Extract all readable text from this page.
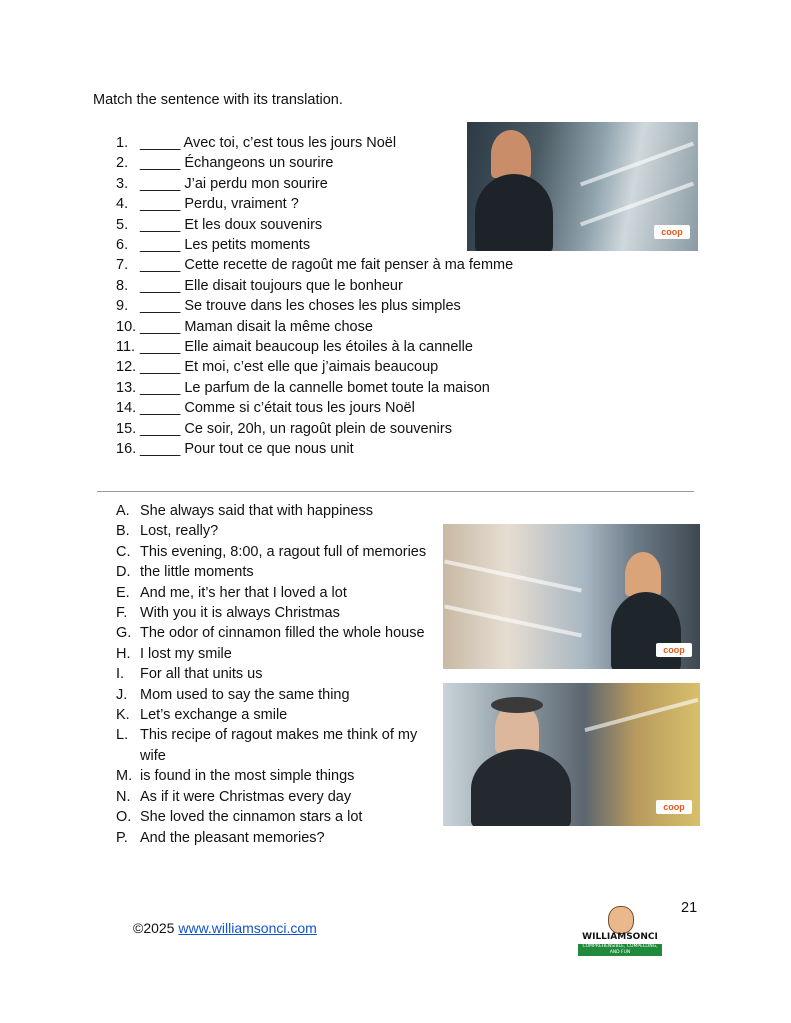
Match the sentence with its translation.
1. _____ Avec toi, c’est tous les jours Noël
2. _____ Échangeons un sourire
3. _____ J’ai perdu mon sourire
4. _____ Perdu, vraiment ?
5. _____ Et les doux souvenirs
6. _____ Les petits moments
7. _____ Cette recette de ragoût me fait penser à ma femme
8. _____ Elle disait toujours que le bonheur
9. _____ Se trouve dans les choses les plus simples
10. _____ Maman disait la même chose
11. _____ Elle aimait beaucoup les étoiles à la cannelle
12. _____ Et moi, c’est elle que j’aimais beaucoup
13. _____ Le parfum de la cannelle bomet toute la maison
14. _____ Comme si c’était tous les jours Noël
15. _____ Ce soir, 20h, un ragoût plein de souvenirs
16. _____ Pour tout ce que nous unit
coop
A. She always said that with happiness
B. Lost, really?
C. This evening, 8:00, a ragout full of memories
D. the little moments
E. And me, it’s her that I loved a lot
F. With you it is always Christmas
G. The odor of cinnamon filled the whole house
H. I lost my smile
I.	For all that units us
J. Mom used to say the same thing
K. Let’s exchange a smile
L. This recipe of ragout makes me think of my wife
M. is found in the most simple things
N. As if it were Christmas every day
O. She loved the cinnamon stars a lot
P. And the pleasant memories?
coop
coop
21
©2025 www.williamsonci.com
WILLIAMSONCI
COMPREHENSIBLE, COMPELLING, AND FUN
